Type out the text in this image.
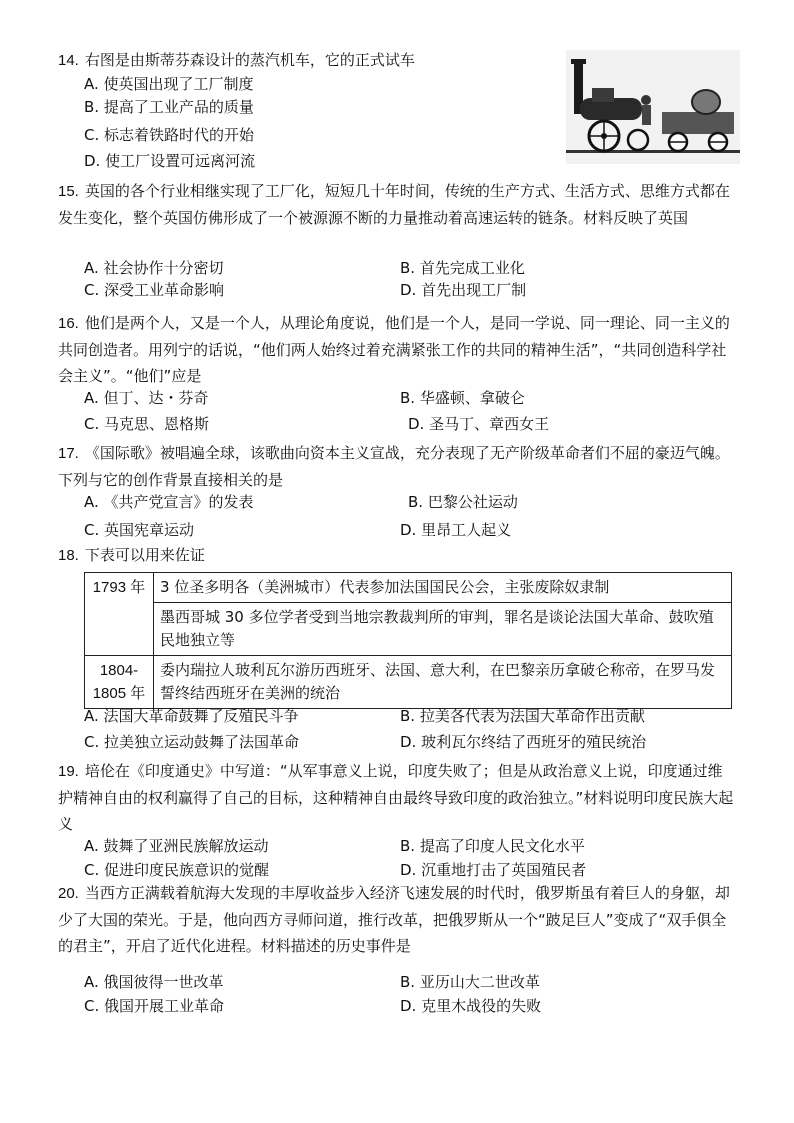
14. 右图是由斯蒂芬森设计的蒸汽机车，它的正式试车
A. 使英国出现了工厂制度
B. 提高了工业产品的质量
C. 标志着铁路时代的开始
D. 使工厂设置可远离河流
15. 英国的各个行业相继实现了工厂化，短短几十年时间，传统的生产方式、生活方式、思维方式都在发生变化，整个英国仿佛形成了一个被源源不断的力量推动着高速运转的链条。材料反映了英国
A. 社会协作十分密切	B. 首先完成工业化
C. 深受工业革命影响	D. 首先出现工厂制
16. 他们是两个人，又是一个人，从理论角度说，他们是一个人，是同一学说、同一理论、同一主义的共同创造者。用列宁的话说，“他们两人始终过着充满紧张工作的共同的精神生活”，“共同创造科学社会主义”。“他们”应是
A. 但丁、达・芬奇	B. 华盛顿、拿破仑
C. 马克思、恩格斯	D. 圣马丁、章西女王
17. 《国际歌》被唱遍全球，该歌曲向资本主义宣战，充分表现了无产阶级革命者们不屈的豪迈气魄。下列与它的创作背景直接相关的是
A. 《共产党宣言》的发表	B. 巴黎公社运动
C. 英国宪章运动	D. 里昂工人起义
18. 下表可以用来佐证
1793 年	3 位圣多明各（美洲城市）代表参加法国国民公会，主张废除奴隶制
	墨西哥城 30 多位学者受到当地宗教裁判所的审判，罪名是谈论法国大革命、鼓吹殖民地独立等
1804-1805 年	委内瑞拉人玻利瓦尔游历西班牙、法国、意大利，在巴黎亲历拿破仑称帝，在罗马发誓终结西班牙在美洲的统治
A. 法国大革命鼓舞了反殖民斗争	B. 拉美各代表为法国大革命作出贡献
C. 拉美独立运动鼓舞了法国革命	D. 玻利瓦尔终结了西班牙的殖民统治
19. 培伦在《印度通史》中写道：“从军事意义上说，印度失败了；但是从政治意义上说，印度通过维护精神自由的权利赢得了自己的目标，这种精神自由最终导致印度的政治独立。”材料说明印度民族大起义
A. 鼓舞了亚洲民族解放运动	B. 提高了印度人民文化水平
C. 促进印度民族意识的觉醒	D. 沉重地打击了英国殖民者
20. 当西方正满载着航海大发现的丰厚收益步入经济飞速发展的时代时，俄罗斯虽有着巨人的身躯，却少了大国的荣光。于是，他向西方寻师问道，推行改革，把俄罗斯从一个“跛足巨人”变成了“双手俱全的君主”，开启了近代化进程。材料描述的历史事件是
A. 俄国彼得一世改革	B. 亚历山大二世改革
C. 俄国开展工业革命	D. 克里木战役的失败
